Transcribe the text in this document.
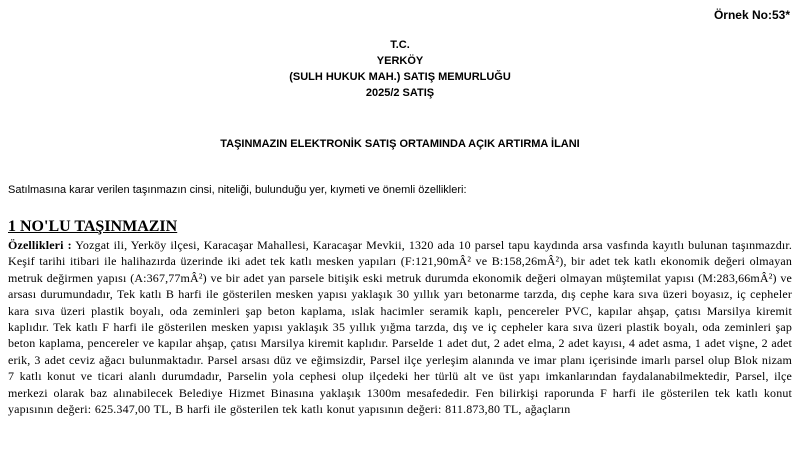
Örnek No:53*
T.C.
YERKÖY
(SULH HUKUK MAH.) SATIŞ MEMURLUĞU
2025/2 SATIŞ
TAŞINMAZIN ELEKTRONİK SATIŞ ORTAMINDA AÇIK ARTIRMA İLANI
Satılmasına karar verilen taşınmazın cinsi, niteliği, bulunduğu yer, kıymeti ve önemli özellikleri:
1 NO'LU TAŞINMAZIN
Özellikleri : Yozgat ili, Yerköy ilçesi, Karacaşar Mahallesi, Karacaşar Mevkii, 1320 ada 10 parsel tapu kaydında arsa vasfında kayıtlı bulunan taşınmazdır. Keşif tarihi itibari ile halihazırda üzerinde iki adet tek katlı mesken yapıları (F:121,90mÂ² ve B:158,26mÂ²), bir adet tek katlı ekonomik değeri olmayan metruk değirmen yapısı (A:367,77mÂ²) ve bir adet yan parsele bitişik eski metruk durumda ekonomik değeri olmayan müştemilat yapısı (M:283,66mÂ²) ve arsası durumundadır, Tek katlı B harfi ile gösterilen mesken yapısı yaklaşık 30 yıllık yarı betonarme tarzda, dış cephe kara sıva üzeri boyasız, iç cepheler kara sıva üzeri plastik boyalı, oda zeminleri şap beton kaplama, ıslak hacimler seramik kaplı, pencereler PVC, kapılar ahşap, çatısı Marsilya kiremit kaplıdır. Tek katlı F harfi ile gösterilen mesken yapısı yaklaşık 35 yıllık yığma tarzda, dış ve iç cepheler kara sıva üzeri plastik boyalı, oda zeminleri şap beton kaplama, pencereler ve kapılar ahşap, çatısı Marsilya kiremit kaplıdır. Parselde 1 adet dut, 2 adet elma, 2 adet kayısı, 4 adet asma, 1 adet vişne, 2 adet erik, 3 adet ceviz ağacı bulunmaktadır. Parsel arsası düz ve eğimsizdir, Parsel ilçe yerleşim alanında ve imar planı içerisinde imarlı parsel olup Blok nizam 7 katlı konut ve ticari alanlı durumdadır, Parselin yola cephesi olup ilçedeki her türlü alt ve üst yapı imkanlarından faydalanabilmektedir, Parsel, ilçe merkezi olarak baz alınabilecek Belediye Hizmet Binasına yaklaşık 1300m mesafededir. Fen bilirkişi raporunda F harfi ile gösterilen tek katlı konut yapısının değeri: 625.347,00 TL, B harfi ile gösterilen tek katlı konut yapısının değeri: 811.873,80 TL, ağaçların
